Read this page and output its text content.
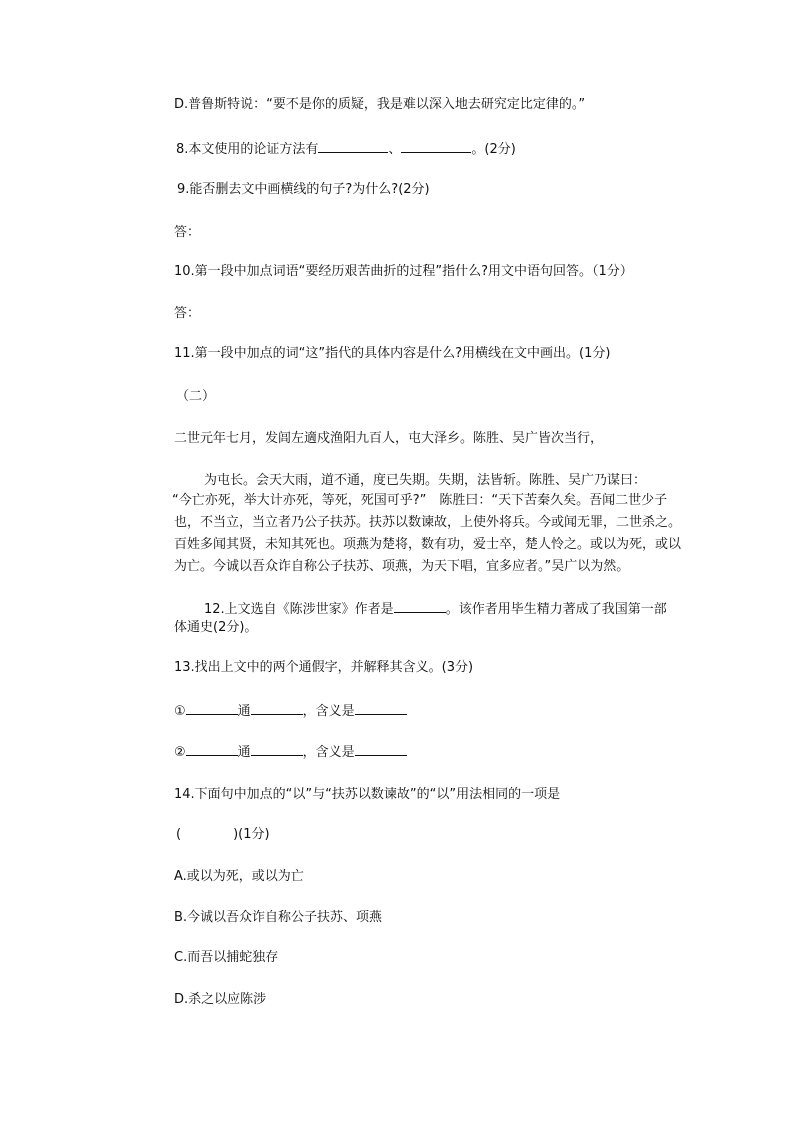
D.普鲁斯特说：“要不是你的质疑，我是难以深入地去研究定比定律的。”
8.本文使用的论证方法有	、	。(2分)
9.能否删去文中画横线的句子?为什么?(2分)
答：
10.第一段中加点词语“要经历艰苦曲折的过程”指什么?用文中语句回答。（1分）
答：
11.第一段中加点的词“这”指代的具体内容是什么?用横线在文中画出。(1分)
（二）
二世元年七月，发闾左適戍渔阳九百人，屯大泽乡。陈胜、吴广皆次当行，
为屯长。会天大雨，道不通，度已失期。失期，法皆斩。陈胜、吴广乃谋曰：
“今亡亦死，举大计亦死，等死，死国可乎?”　陈胜曰：“天下苦秦久矣。吾闻二世少子
也，不当立，当立者乃公子扶苏。扶苏以数谏故，上使外将兵。今或闻无罪，二世杀之。
百姓多闻其贤，未知其死也。项燕为楚将，数有功，爱士卒，楚人怜之。或以为死，或以
为亡。今诚以吾众诈自称公子扶苏、项燕，为天下唱，宜多应者。”吴广以为然。
12.上文选自《陈涉世家》作者是	。该作者用毕生精力著成了我国第一部
体通史(2分)。
13.找出上文中的两个通假字，并解释其含义。(3分)
①	通	，含义是
②	通	，含义是
14.下面句中加点的“以”与“扶苏以数谏故”的“以”用法相同的一项是
(　　　　)(1分)
A.或以为死，或以为亡
B.今诚以吾众诈自称公子扶苏、项燕
C.而吾以捕蛇独存
D.杀之以应陈涉
